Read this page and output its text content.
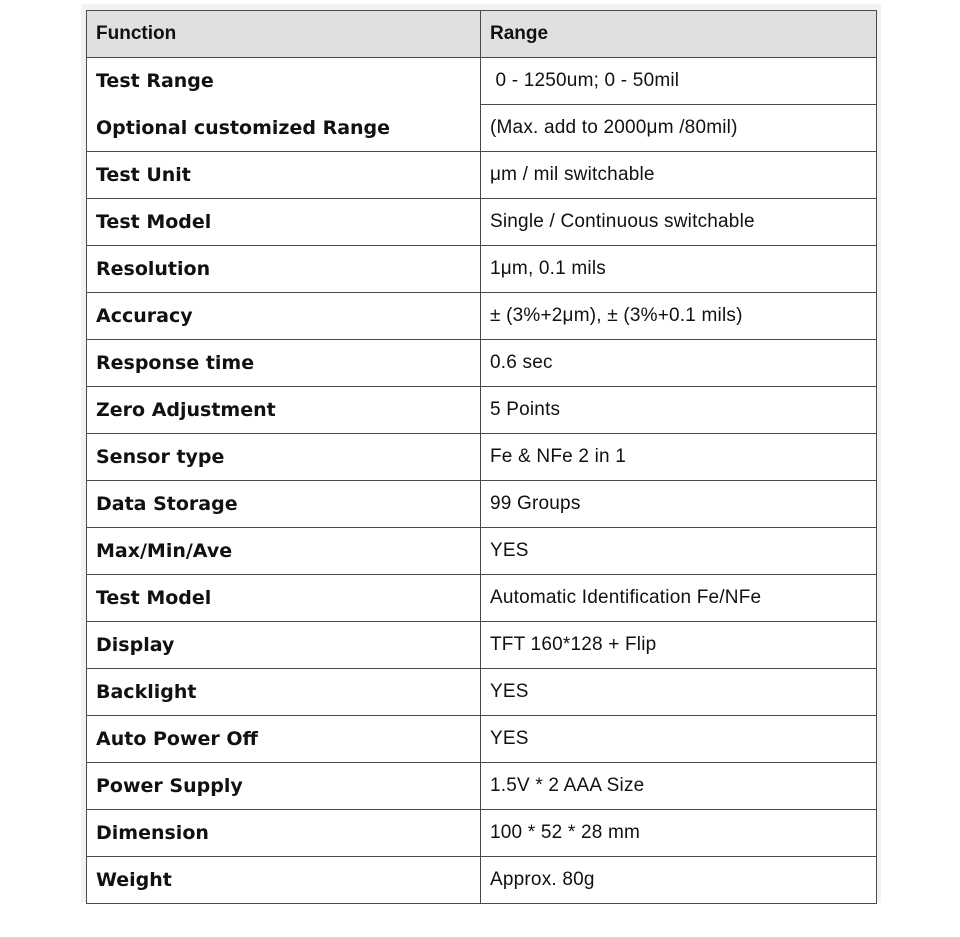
Function	Range
Test Range	0 - 1250um; 0 - 50mil
Optional customized Range	(Max. add to 2000μm /80mil)
Test Unit	μm / mil switchable
Test Model	Single / Continuous switchable
Resolution	1μm, 0.1 mils
Accuracy	± (3%+2μm), ± (3%+0.1 mils)
Response time	0.6 sec
Zero Adjustment	5 Points
Sensor type	Fe & NFe 2 in 1
Data Storage	99 Groups
Max/Min/Ave	YES
Test Model	Automatic Identification Fe/NFe
Display	TFT 160*128 + Flip
Backlight	YES
Auto Power Off	YES
Power Supply	1.5V * 2 AAA Size
Dimension	100 * 52 * 28 mm
Weight	Approx. 80g
